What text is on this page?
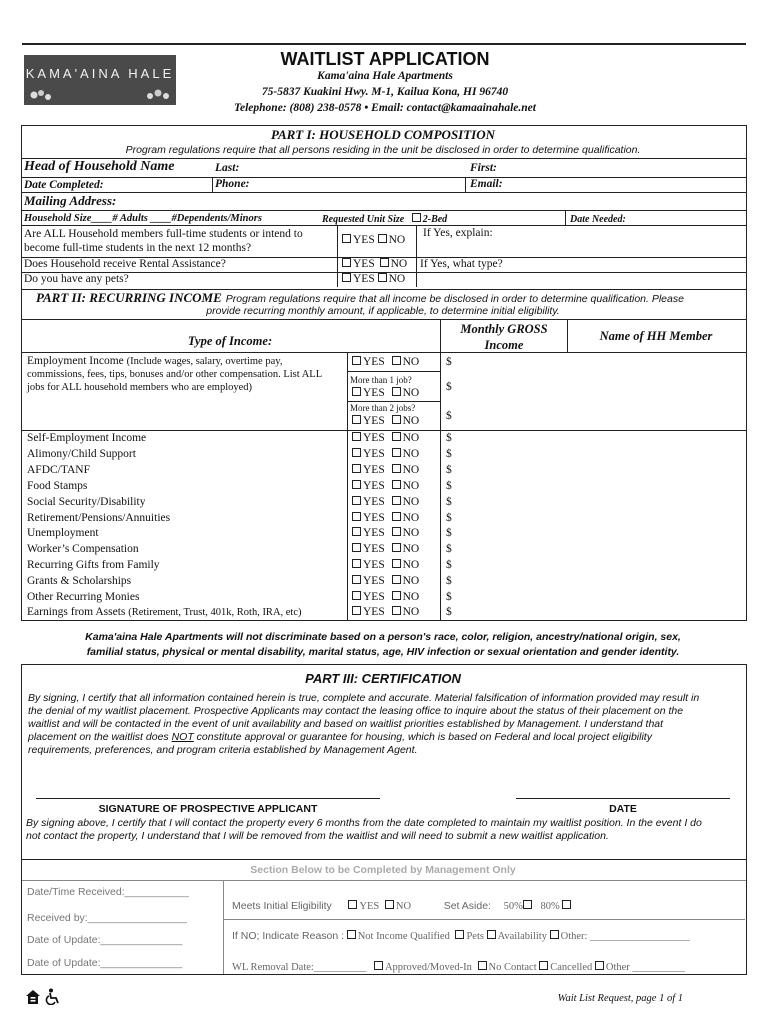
KAMA'AINA HALE
WAITLIST APPLICATION
Kama'aina Hale Apartments
75-5837 Kuakini Hwy. M-1, Kailua Kona, HI 96740
Telephone: (808) 238-0578 • Email: contact@kamaainahale.net
PART I: HOUSEHOLD COMPOSITION
Program regulations require that all persons residing in the unit be disclosed in order to determine qualification.
Head of Household Name	Last:	First:
Date Completed:	Phone:	Email:
Mailing Address:
Household Size____# Adults ____#Dependents/Minors	Requested Unit Size 2-Bed	Date Needed:
Are ALL Household members full-time students or intend to
become full-time students in the next 12 months?
YES NO
If Yes, explain:
Does Household receive Rental Assistance?	YES NO If Yes, what type?
Do you have any pets?	YES NO
PART II: RECURRING INCOME Program regulations require that all income be disclosed in order to determine qualification. Please
provide recurring monthly amount, if applicable, to determine initial eligibility.
Type of Income:
Monthly GROSS
Income
Name of HH Member
Employment Income (Include wages, salary, overtime pay,
commissions, fees, tips, bonuses and/or other compensation. List ALL
jobs for ALL household members who are employed)
YES NO $
More than 1 job?
YES NO $
More than 2 jobs?
YES NO $
Self-Employment Income	YES NO $
Alimony/Child Support	YES NO $
AFDC/TANF	YES NO $
Food Stamps	YES NO $
Social Security/Disability	YES NO $
Retirement/Pensions/Annuities	YES NO $
Unemployment	YES NO $
Worker’s Compensation	YES NO $
Recurring Gifts from Family	YES NO $
Grants & Scholarships	YES NO $
Other Recurring Monies	YES NO $
Earnings from Assets (Retirement, Trust, 401k, Roth, IRA, etc)	YES NO $
Kama'aina Hale Apartments will not discriminate based on a person's race, color, religion, ancestry/national origin, sex,
familial status, physical or mental disability, marital status, age, HIV infection or sexual orientation and gender identity.
PART III: CERTIFICATION
By signing, I certify that all information contained herein is true, complete and accurate. Material falsification of information provided may result in
the denial of my waitlist placement. Prospective Applicants may contact the leasing office to inquire about the status of their placement on the
waitlist and will be contacted in the event of unit availability and based on waitlist priorities established by Management. I understand that
placement on the waitlist does NOT constitute approval or guarantee for housing, which is based on Federal and local project eligibility
requirements, preferences, and program criteria established by Management Agent.
SIGNATURE OF PROSPECTIVE APPLICANT	DATE
By signing above, I certify that I will contact the property every 6 months from the date completed to maintain my waitlist position. In the event I do
not contact the property, I understand that I will be removed from the waitlist and will need to submit a new waitlist application.
Section Below to be Completed by Management Only
Date/Time Received:___________
Received by:_________________
Date of Update:______________
Date of Update:______________
Meets Initial Eligibility	YES NO	Set Aside: 50% 80%
If NO; Indicate Reason : Not Income Qualified Pets Availability Other: ___________________
WL Removal Date:__________ Approved/Moved-In No Contact Cancelled Other __________
Wait List Request, page 1 of 1
